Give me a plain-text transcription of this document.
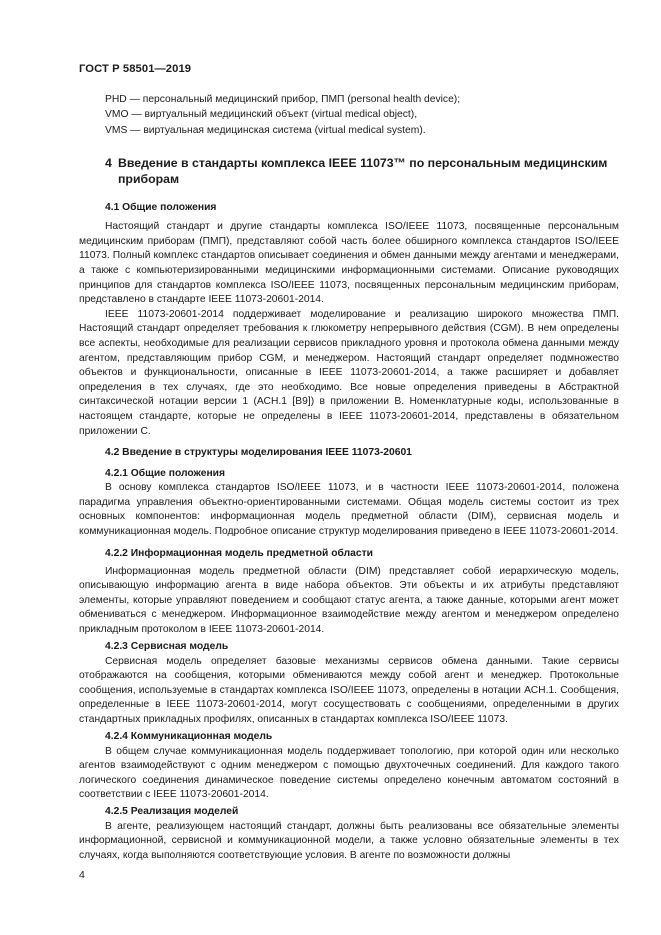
ГОСТ Р 58501—2019
PHD — персональный медицинский прибор, ПМП (personal health device);
VMO — виртуальный медицинский объект (virtual medical object),
VMS — виртуальная медицинская система (virtual medical system).
4 Введение в стандарты комплекса IEEE 11073™ по персональным медицинским приборам
4.1 Общие положения

Настоящий стандарт и другие стандарты комплекса ISO/IEEE 11073, посвященные персональным медицинским приборам (ПМП), представляют собой часть более обширного комплекса стандартов ISO/IEEE 11073. Полный комплекс стандартов описывает соединения и обмен данными между агентами и менеджерами, а также с компьютеризированными медицинскими информационными системами. Описание руководящих принципов для стандартов комплекса ISO/IEEE 11073, посвященных персональным медицинским приборам, представлено в стандарте IEEE 11073-20601-2014.

IEEE 11073-20601-2014 поддерживает моделирование и реализацию широкого множества ПМП. Настоящий стандарт определяет требования к глюкометру непрерывного действия (CGM). В нем определены все аспекты, необходимые для реализации сервисов прикладного уровня и протокола обмена данными между агентом, представляющим прибор CGM, и менеджером. Настоящий стандарт определяет подмножество объектов и функциональности, описанные в IEEE 11073-20601-2014, а также расширяет и добавляет определения в тех случаях, где это необходимо. Все новые определения приведены в Абстрактной синтаксической нотации версии 1 (АСН.1 [B9]) в приложении B. Номенклатурные коды, использованные в настоящем стандарте, которые не определены в IEEE 11073-20601-2014, представлены в обязательном приложении C.

4.2 Введение в структуры моделирования IEEE 11073-20601
4.2.1 Общие положения

В основу комплекса стандартов ISO/IEEE 11073, и в частности IEEE 11073-20601-2014, положена парадигма управления объектно-ориентированными системами. Общая модель системы состоит из трех основных компонентов: информационная модель предметной области (DIM), сервисная модель и коммуникационная модель. Подробное описание структур моделирования приведено в IEEE 11073-20601-2014.

4.2.2 Информационная модель предметной области

Информационная модель предметной области (DIM) представляет собой иерархическую модель, описывающую информацию агента в виде набора объектов. Эти объекты и их атрибуты представляют элементы, которые управляют поведением и сообщают статус агента, а также данные, которыми агент может обмениваться с менеджером. Информационное взаимодействие между агентом и менеджером определено прикладным протоколом в IEEE 11073-20601-2014.

4.2.3 Сервисная модель

Сервисная модель определяет базовые механизмы сервисов обмена данными. Такие сервисы отображаются на сообщения, которыми обмениваются между собой агент и менеджер. Протокольные сообщения, используемые в стандартах комплекса ISO/IEEE 11073, определены в нотации АСН.1. Сообщения, определенные в IEEE 11073-20601-2014, могут сосуществовать с сообщениями, определенными в других стандартных прикладных профилях, описанных в стандартах комплекса ISO/IEEE 11073.

4.2.4 Коммуникационная модель

В общем случае коммуникационная модель поддерживает топологию, при которой один или несколько агентов взаимодействуют с одним менеджером с помощью двухточечных соединений. Для каждого такого логического соединения динамическое поведение системы определено конечным автоматом состояний в соответствии с IEEE 11073-20601-2014.

4.2.5 Реализация моделей

В агенте, реализующем настоящий стандарт, должны быть реализованы все обязательные элементы информационной, сервисной и коммуникационной модели, а также условно обязательные элементы в тех случаях, когда выполняются соответствующие условия. В агенте по возможности должны

4
